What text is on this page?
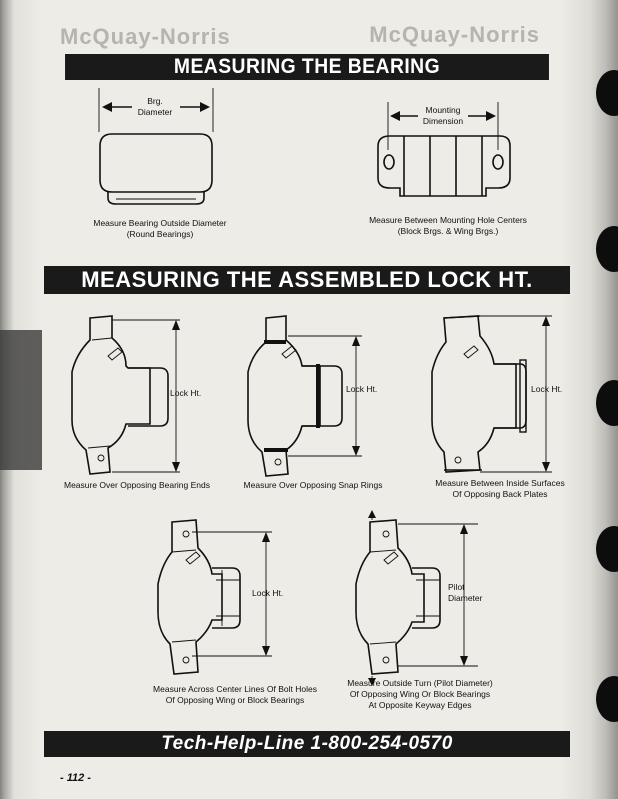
McQuay-Norris	McQuay-Norris
MEASURING THE BEARING
MEASURING THE ASSEMBLED LOCK HT.
Brg.
Diameter	Mounting
Dimension
Measure Bearing Outside Diameter
(Round Bearings)
Measure Between Mounting Hole Centers
(Block Brgs. & Wing Brgs.)
Lock Ht.	Lock Ht.	Lock Ht.
Lock Ht.
Pilot
Diameter
Measure Over Opposing Bearing Ends	Measure Over Opposing Snap Rings	Measure Between Inside Surfaces
Of Opposing Back Plates
Measure Across Center Lines Of Bolt Holes
Of Opposing Wing or Block Bearings
Measure Outside Turn (Pilot Diameter)
Of Opposing Wing Or Block Bearings
At Opposite Keyway Edges
Tech-Help-Line 1-800-254-0570
- 112 -
